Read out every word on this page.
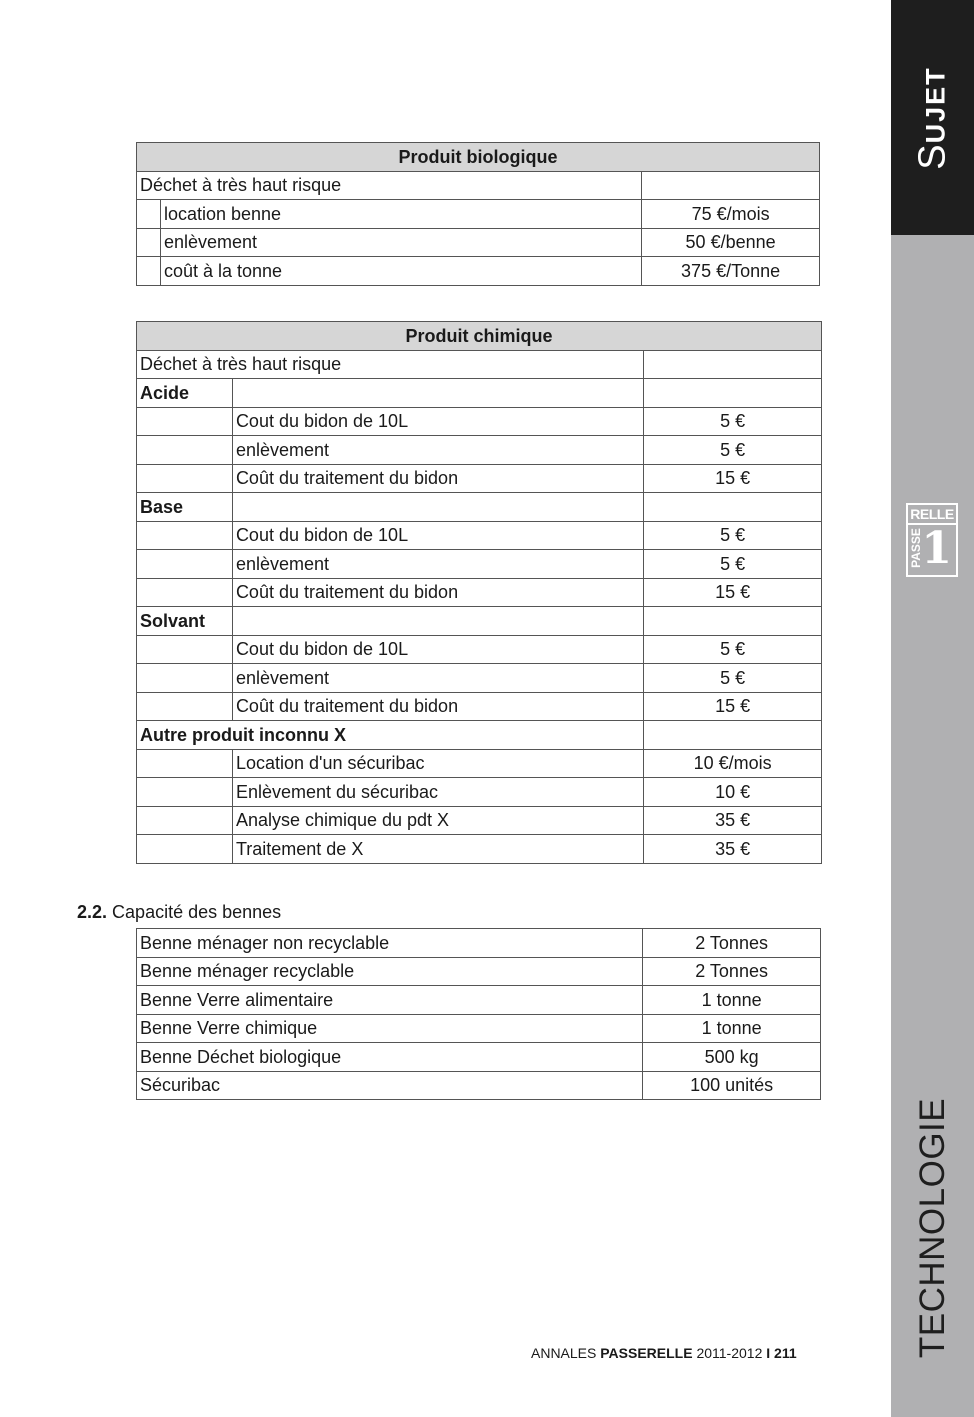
SUJET
RELLE
PASSE
1
TECHNOLOGIE
Produit biologique		
Déchet à très haut risque		
	location benne	75 €/mois
	enlèvement	50 €/benne
	coût à la tonne	375 €/Tonne
Produit chimique		
Déchet à très haut risque		
Acide		
	Cout du bidon de 10L	5 €
	enlèvement	5 €
	Coût du traitement du bidon	15 €
Base		
	Cout du bidon de 10L	5 €
	enlèvement	5 €
	Coût du traitement du bidon	15 €
Solvant		
	Cout du bidon de 10L	5 €
	enlèvement	5 €
	Coût du traitement du bidon	15 €
Autre produit inconnu X		
	Location d'un sécuribac	10 €/mois
	Enlèvement du sécuribac	10 €
	Analyse chimique du pdt X	35 €
	Traitement de X	35 €
2.2. Capacité des bennes
Benne ménager non recyclable	2 Tonnes
Benne ménager recyclable	2 Tonnes
Benne Verre alimentaire	1 tonne
Benne Verre chimique	1 tonne
Benne Déchet biologique	500 kg
Sécuribac	100 unités
ANNALES PASSERELLE 2011-2012 I 211
